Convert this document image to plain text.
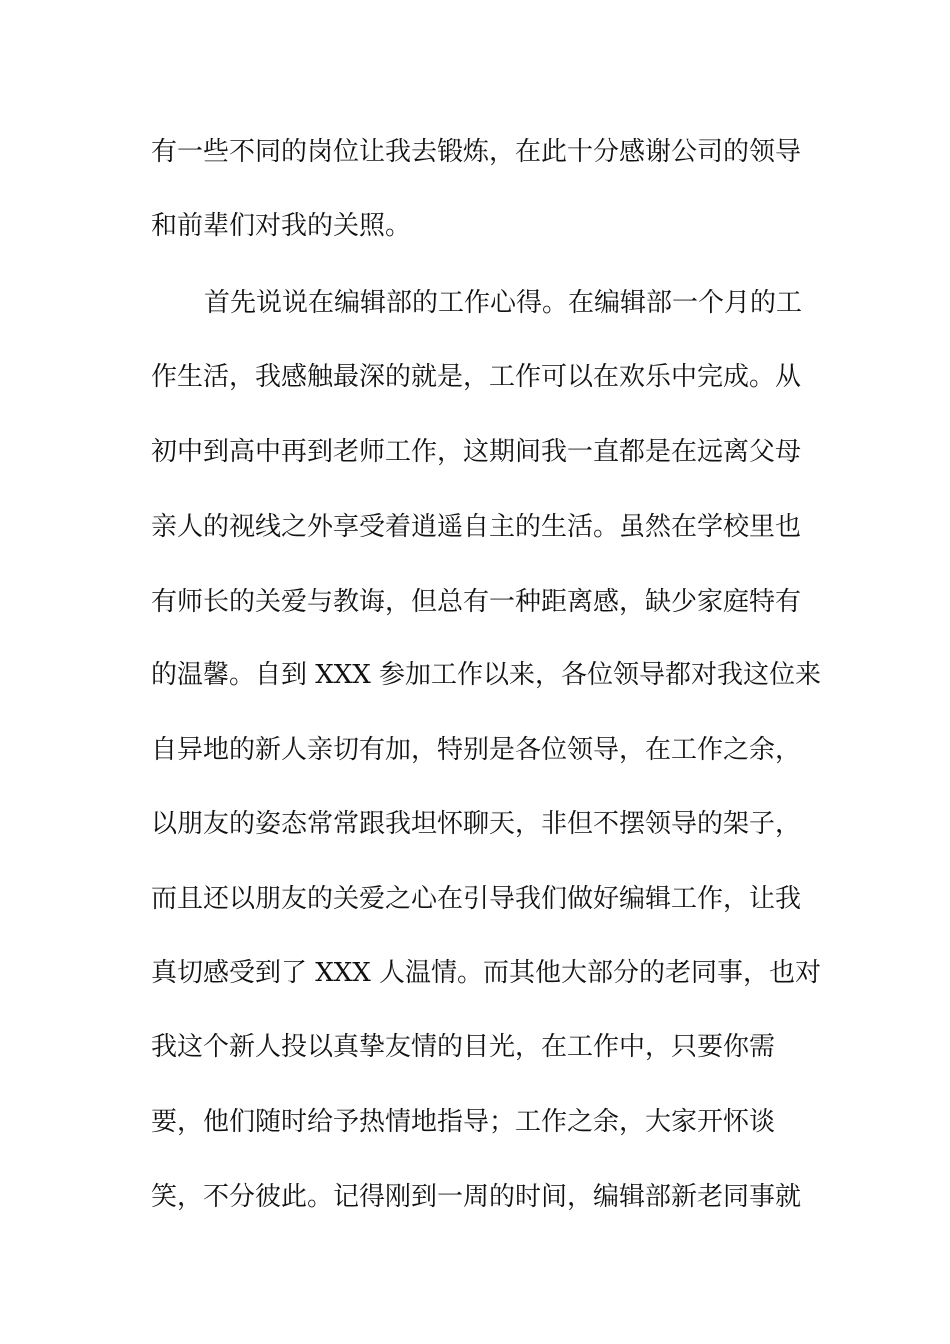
有一些不同的岗位让我去锻炼，在此十分感谢公司的领导
和前辈们对我的关照。
首先说说在编辑部的工作心得。在编辑部一个月的工
作生活，我感触最深的就是，工作可以在欢乐中完成。从
初中到高中再到老师工作，这期间我一直都是在远离父母
亲人的视线之外享受着逍遥自主的生活。虽然在学校里也
有师长的关爱与教诲，但总有一种距离感，缺少家庭特有
的温馨。自到 XXX 参加工作以来，各位领导都对我这位来
自异地的新人亲切有加，特别是各位领导，在工作之余，
以朋友的姿态常常跟我坦怀聊天，非但不摆领导的架子，
而且还以朋友的关爱之心在引导我们做好编辑工作，让我
真切感受到了 XXX 人温情。而其他大部分的老同事，也对
我这个新人投以真挚友情的目光，在工作中，只要你需
要，他们随时给予热情地指导；工作之余，大家开怀谈
笑，不分彼此。记得刚到一周的时间，编辑部新老同事就
